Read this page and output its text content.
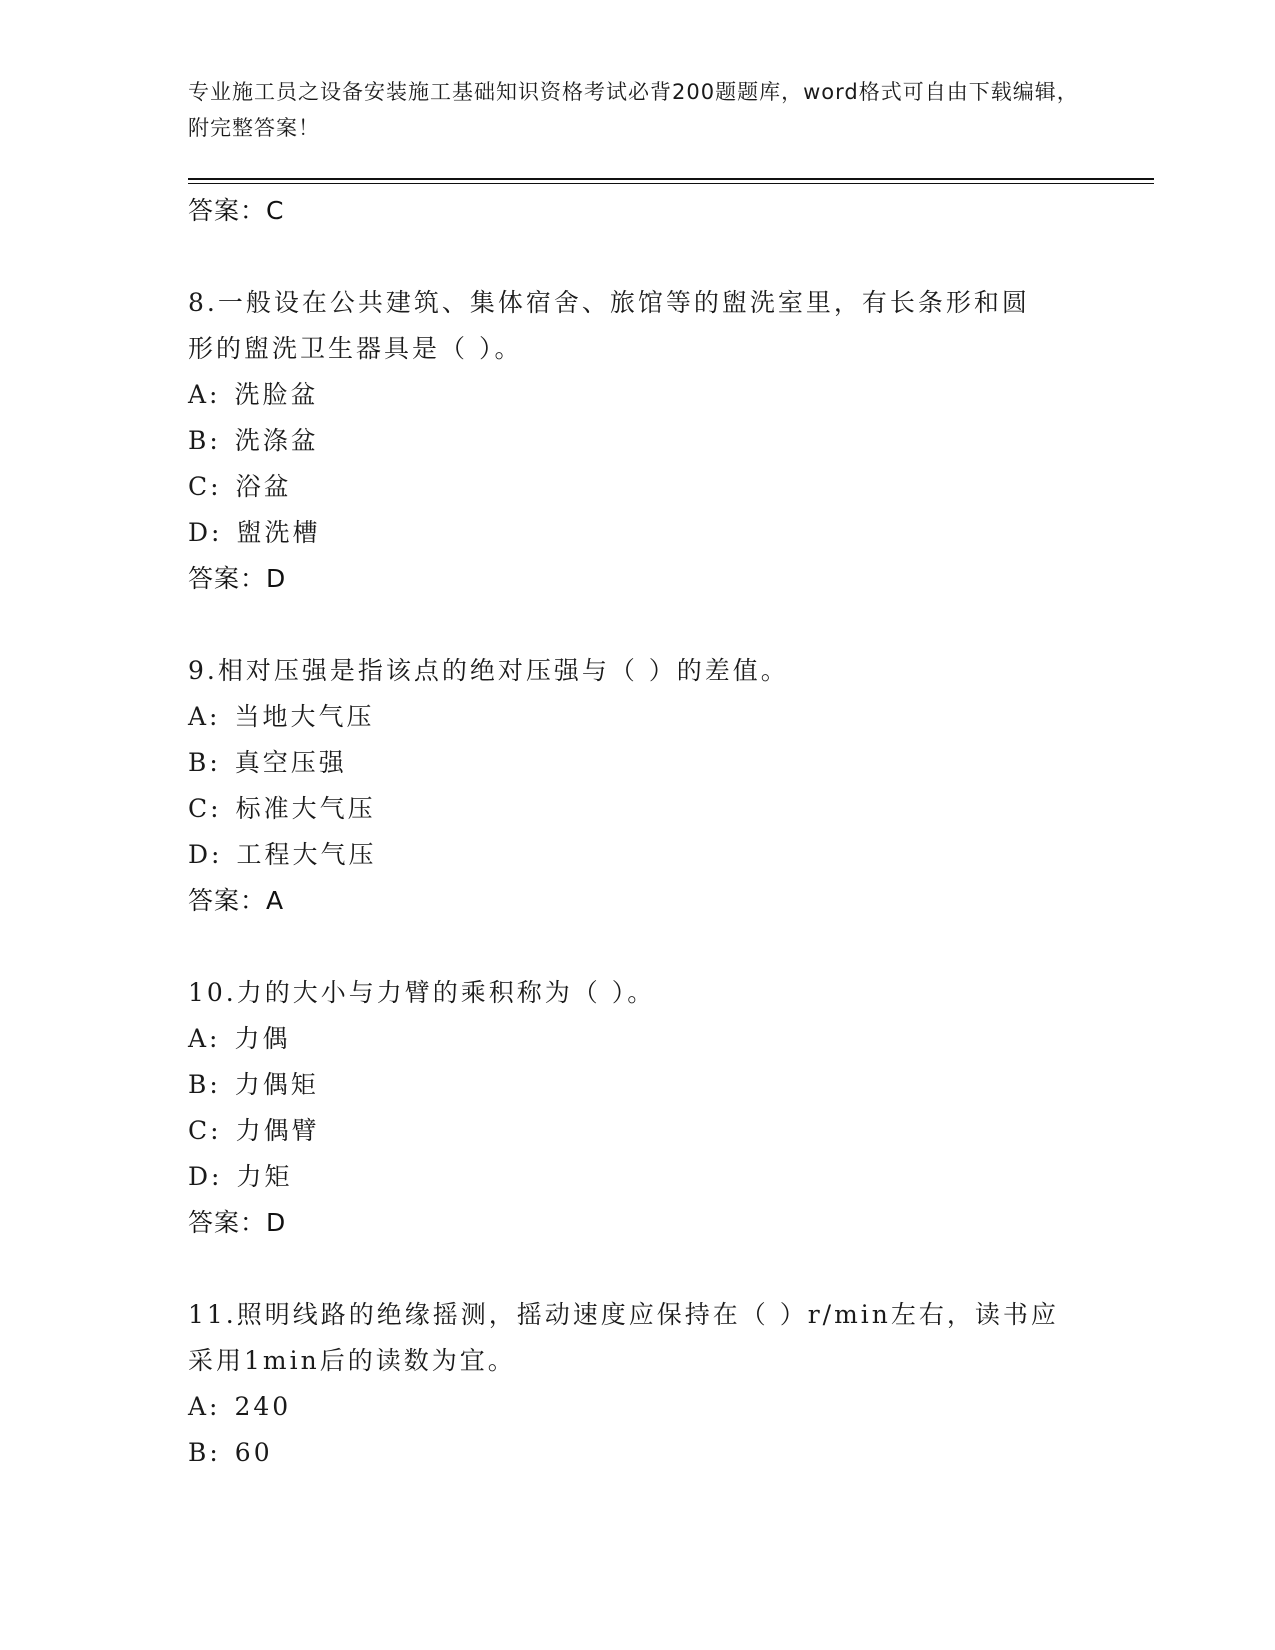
专业施工员之设备安装施工基础知识资格考试必背200题题库，word格式可自由下载编辑，附完整答案！
答案：C
8.一般设在公共建筑、集体宿舍、旅馆等的盥洗室里，有长条形和圆形的盥洗卫生器具是（ ）。
A: 洗脸盆
B: 洗涤盆
C: 浴盆
D: 盥洗槽
答案：D
9.相对压强是指该点的绝对压强与（ ）的差值。
A: 当地大气压
B: 真空压强
C: 标准大气压
D: 工程大气压
答案：A
10.力的大小与力臂的乘积称为（ ）。
A: 力偶
B: 力偶矩
C: 力偶臂
D: 力矩
答案：D
11.照明线路的绝缘摇测，摇动速度应保持在（ ）r/min左右，读书应采用1min后的读数为宜。
A: 240
B: 60
